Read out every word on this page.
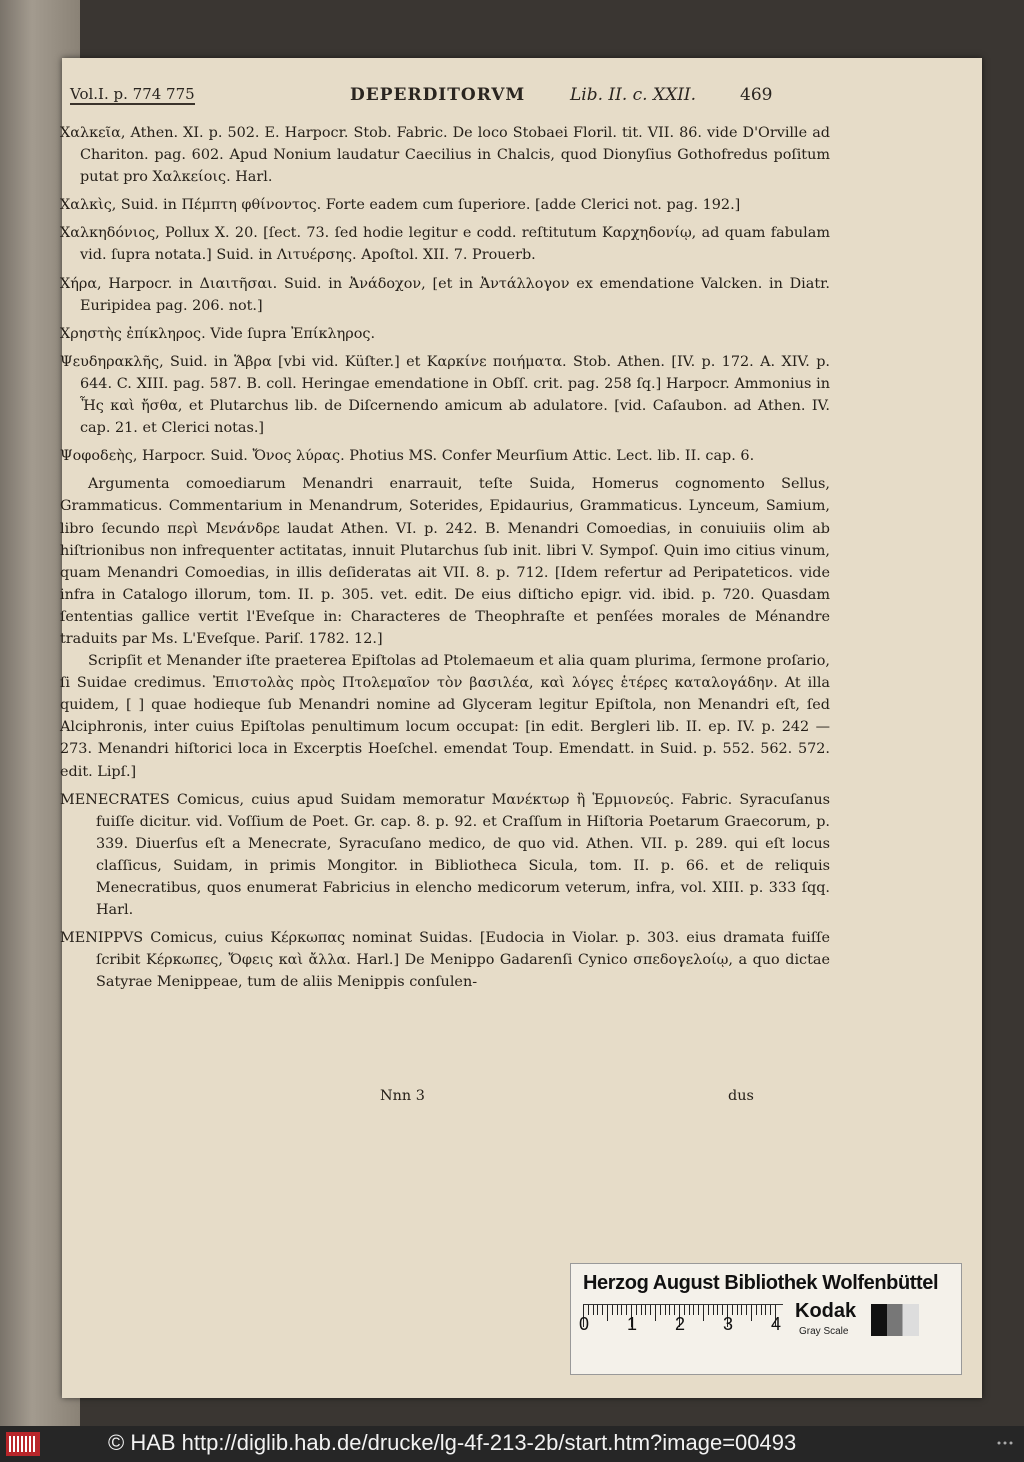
Vol.I. p. 774 775	DEPERDITORVM	Lib. II. c. XXII.	469

Χαλκεῖα, Athen. XI. p. 502. E. Harpocr. Stob. Fabric. De loco Stobaei Floril. tit. VII. 86. vide D'Orville ad Chariton. pag. 602. Apud Nonium laudatur Caecilius in Chalcis, quod Dionyſius Gothofredus poſitum putat pro Χαλκείοις. Harl.

Χαλκὶς, Suid. in Πέμπτη φθίνοντος. Forte eadem cum ſuperiore. [adde Clerici not. pag. 192.]

Χαλκηδόνιος, Pollux X. 20. [ſect. 73. ſed hodie legitur e codd. reſtitutum Καρχηδονίῳ, ad quam fabulam vid. ſupra notata.] Suid. in Λιτυέρσης. Apoſtol. XII. 7. Prouerb.

Χήρα, Harpocr. in Διαιτῆσαι. Suid. in Ἀνάδοχον, [et in Ἀντάλλογον ex emendatione Valcken. in Diatr. Euripidea pag. 206. not.]

Χρηστὴς ἐπίκληρος. Vide ſupra Ἐπίκληρος.

Ψευδηρακλῆς, Suid. in Ἅβρα [vbi vid. Küſter.] et Καρκίνε ποιήματα. Stob. Athen. [IV. p. 172. A. XIV. p. 644. C. XIII. pag. 587. B. coll. Heringae emendatione in Obſſ. crit. pag. 258 ſq.] Harpocr. Ammonius in Ἦς καὶ ἤσθα, et Plutarchus lib. de Diſcernendo amicum ab adulatore. [vid. Caſaubon. ad Athen. IV. cap. 21. et Clerici notas.]

Ψοφοδεὴς, Harpocr. Suid. Ὄνος λύρας. Photius MS. Confer Meurſium Attic. Lect. lib. II. cap. 6.

Argumenta comoediarum Menandri enarrauit, teſte Suida, Homerus cognomento Sellus, Grammaticus. Commentarium in Menandrum, Soterides, Epidaurius, Grammaticus. Lynceum, Samium, libro ſecundo περὶ Μενάνδρε laudat Athen. VI. p. 242. B. Menandri Comoedias, in conuiuiis olim ab hiſtrionibus non infrequenter actitatas, innuit Plutarchus ſub init. libri V. Sympoſ. Quin imo citius vinum, quam Menandri Comoedias, in illis deſideratas ait VII. 8. p. 712. [Idem refertur ad Peripateticos. vide infra in Catalogo illorum, tom. II. p. 305. vet. edit. De eius diſticho epigr. vid. ibid. p. 720. Quasdam ſententias gallice vertit l'Eveſque in: Characteres de Theophraſte et penſées morales de Ménandre traduits par Ms. L'Eveſque. Pariſ. 1782. 12.]

Scripſit et Menander iſte praeterea Epiſtolas ad Ptolemaeum et alia quam plurima, ſermone proſario, ſi Suidae credimus. Ἐπιστολὰς πρὸς Πτολεμαῖον τὸν βασιλέα, καὶ λόγες ἑτέρες καταλογάδην. At illa quidem, [ ] quae hodieque ſub Menandri nomine ad Glyceram legitur Epiſtola, non Menandri eſt, ſed Alciphronis, inter cuius Epiſtolas penultimum locum occupat: [in edit. Bergleri lib. II. ep. IV. p. 242 — 273. Menandri hiſtorici loca in Excerptis Hoeſchel. emendat Toup. Emendatt. in Suid. p. 552. 562. 572. edit. Lipſ.]

MENECRATES Comicus, cuius apud Suidam memoratur Μανέκτωρ ἢ Ἑρμιονεύς. Fabric. Syracuſanus fuiſſe dicitur. vid. Voſſium de Poet. Gr. cap. 8. p. 92. et Craſſum in Hiſtoria Poetarum Graecorum, p. 339. Diuerſus eſt a Menecrate, Syracuſano medico, de quo vid. Athen. VII. p. 289. qui eſt locus claſſicus, Suidam, in primis Mongitor. in Bibliotheca Sicula, tom. II. p. 66. et de reliquis Menecratibus, quos enumerat Fabricius in elencho medicorum veterum, infra, vol. XIII. p. 333 ſqq. Harl.

MENIPPVS Comicus, cuius Κέρκωπας nominat Suidas. [Eudocia in Violar. p. 303. eius dramata fuiſſe ſcribit Κέρκωπες, Ὄφεις καὶ ἄλλα. Harl.] De Menippo Gadarenſi Cynico σπεδογελοίῳ, a quo dictae Satyrae Menippeae, tum de aliis Menippis conſulen-

Nnn 3	dus
Herzog August Bibliothek Wolfenbüttel
0 1 2 3 4
Kodak
Gray Scale
© HAB http://diglib.hab.de/drucke/lg-4f-213-2b/start.htm?image=00493
